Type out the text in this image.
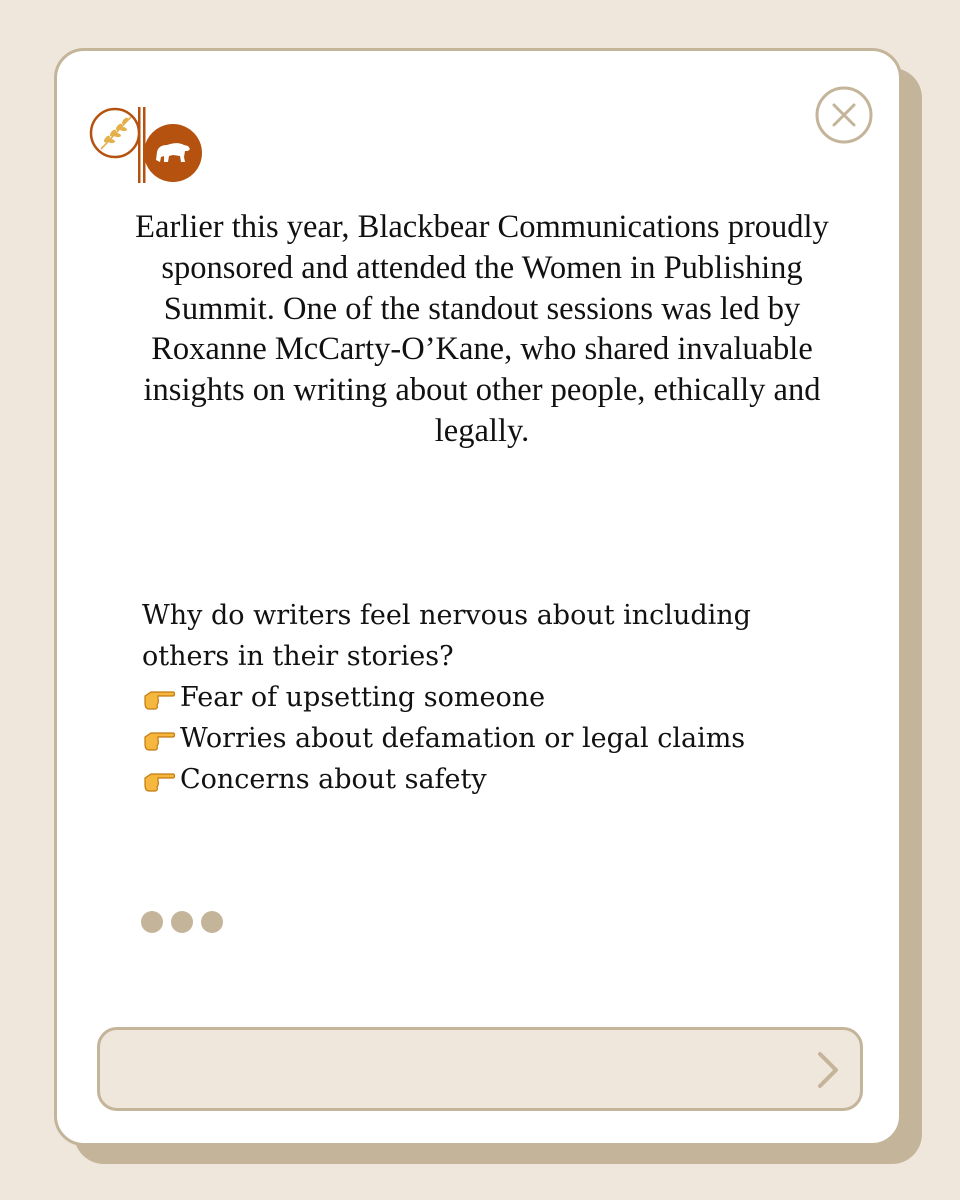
Earlier this year, Blackbear Communications proudly sponsored and attended the Women in Publishing Summit. One of the standout sessions was led by Roxanne McCarty-O’Kane, who shared invaluable insights on writing about other people, ethically and legally.

Why do writers feel nervous about including others in their stories?

Fear of upsetting someone
Worries about defamation or legal claims
Concerns about safety
